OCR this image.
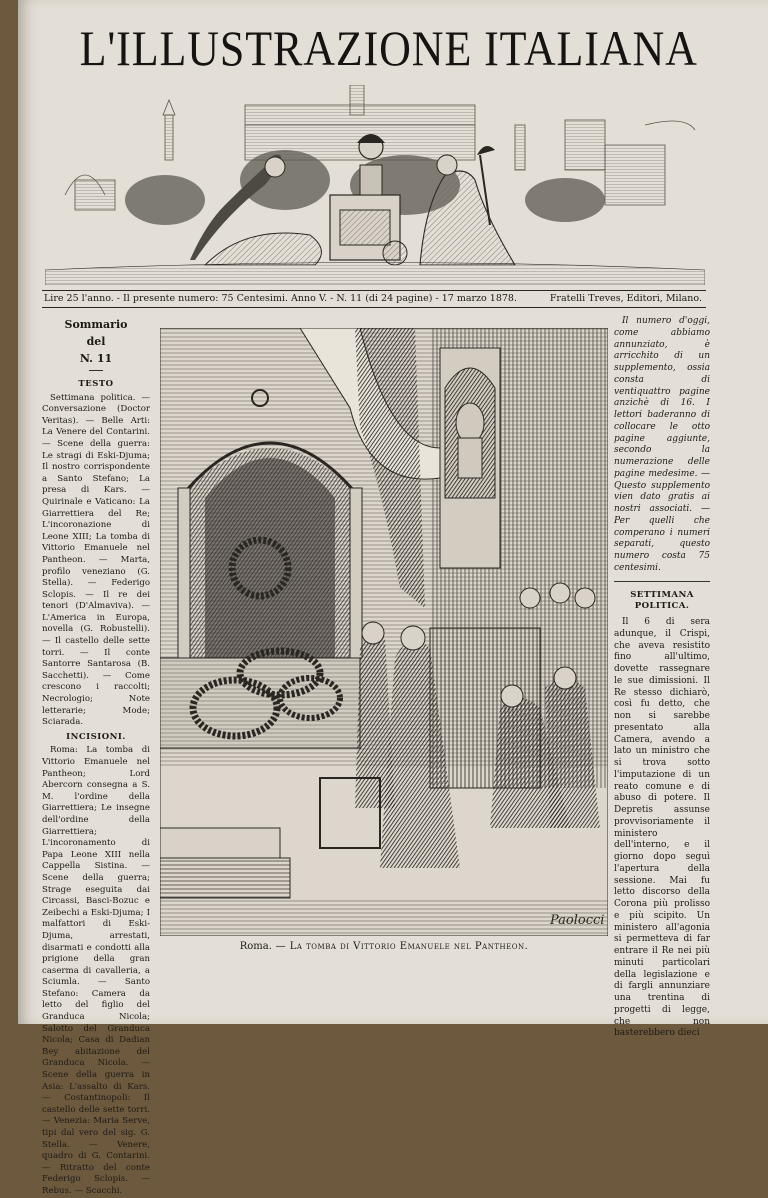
L'ILLUSTRAZIONE ITALIANA
Lire 25 l'anno. - Il presente numero: 75 Centesimi. Anno V. - N. 11 (di 24 pagine) - 17 marzo 1878.	Fratelli Treves, Editori, Milano.
Sommario
del
N. 11
TESTO

Settimana politica. — Conversazione (Doctor Veritas). — Belle Arti: La Venere del Contarini. — Scene della guerra: Le stragi di Eski-Djuma; Il nostro corrispondente a Santo Stefano; La presa di Kars. — Quirinale e Vaticano: La Giarrettiera del Re; L'incoronazione di Leone XIII; La tomba di Vittorio Emanuele nel Pantheon. — Marta, profilo veneziano (G. Stella). — Federigo Sclopis. — Il re dei tenori (D'Almaviva). — L'America in Europa, novella (G. Robustelli). — Il castello delle sette torri. — Il conte Santorre Santarosa (B. Sacchetti). — Come crescono i raccolti; Necrologio; Note letterarie; Mode; Sciarada.

INCISIONI.

Roma: La tomba di Vittorio Emanuele nel Pantheon; Lord Abercorn consegna a S. M. l'ordine della Giarrettiera; Le insegne dell'ordine della Giarrettiera; L'incoronamento di Papa Leone XIII nella Cappella Sistina. — Scene della guerra; Strage eseguita dai Circassi, Basci-Bozuc e Zeibechi a Eski-Djuma; I malfattori di Eski-Djuma, arrestati, disarmati e condotti alla prigione della gran caserma di cavalleria, a Sciumla. — Santo Stefano: Camera da letto del figlio del Granduca Nicola; Salotto del Granduca Nicola; Casa di Dadian Bey abitazione del Granduca Nicola. — Scene della guerra in Asia: L'assalto di Kars. — Costantinopoli: Il castello delle sette torri. — Venezia: Maria Serve, tipi dal vero del sig. G. Stella. — Venere, quadro di G. Contarini. — Ritratto del conte Federigo Sclopis. — Rebus. — Scacchi.

Paolocci
Roma. — La tomba di Vittorio Emanuele nel Pantheon.

Il numero d'oggi, come abbiamo annunziato, è arricchito di un supplemento, ossia consta di ventiquattro pagine anzichè di 16. I lettori baderanno di collocare le otto pagine aggiunte, secondo la numerazione delle pagine medesime. — Questo supplemento vien dato gratis ai nostri associati. — Per quelli che comperano i numeri separati, questo numero costa 75 centesimi.

SETTIMANA POLITICA.

Il 6 di sera adunque, il Crispi, che aveva resistito fino all'ultimo, dovette rassegnare le sue dimissioni. Il Re stesso dichiarò, così fu detto, che non si sarebbe presentato alla Camera, avendo a lato un ministro che si trova sotto l'imputazione di un reato comune e di abuso di potere. Il Depretis assunse provvisoriamente il ministero dell'interno, e il giorno dopo seguì l'apertura della sessione. Mai fu letto discorso della Corona più prolisso e più scipito. Un ministero all'agonia si permetteva di far entrare il Re nei più minuti particolari della legislazione e di fargli annunziare una trentina di progetti di legge, che non basterebbero dieci
